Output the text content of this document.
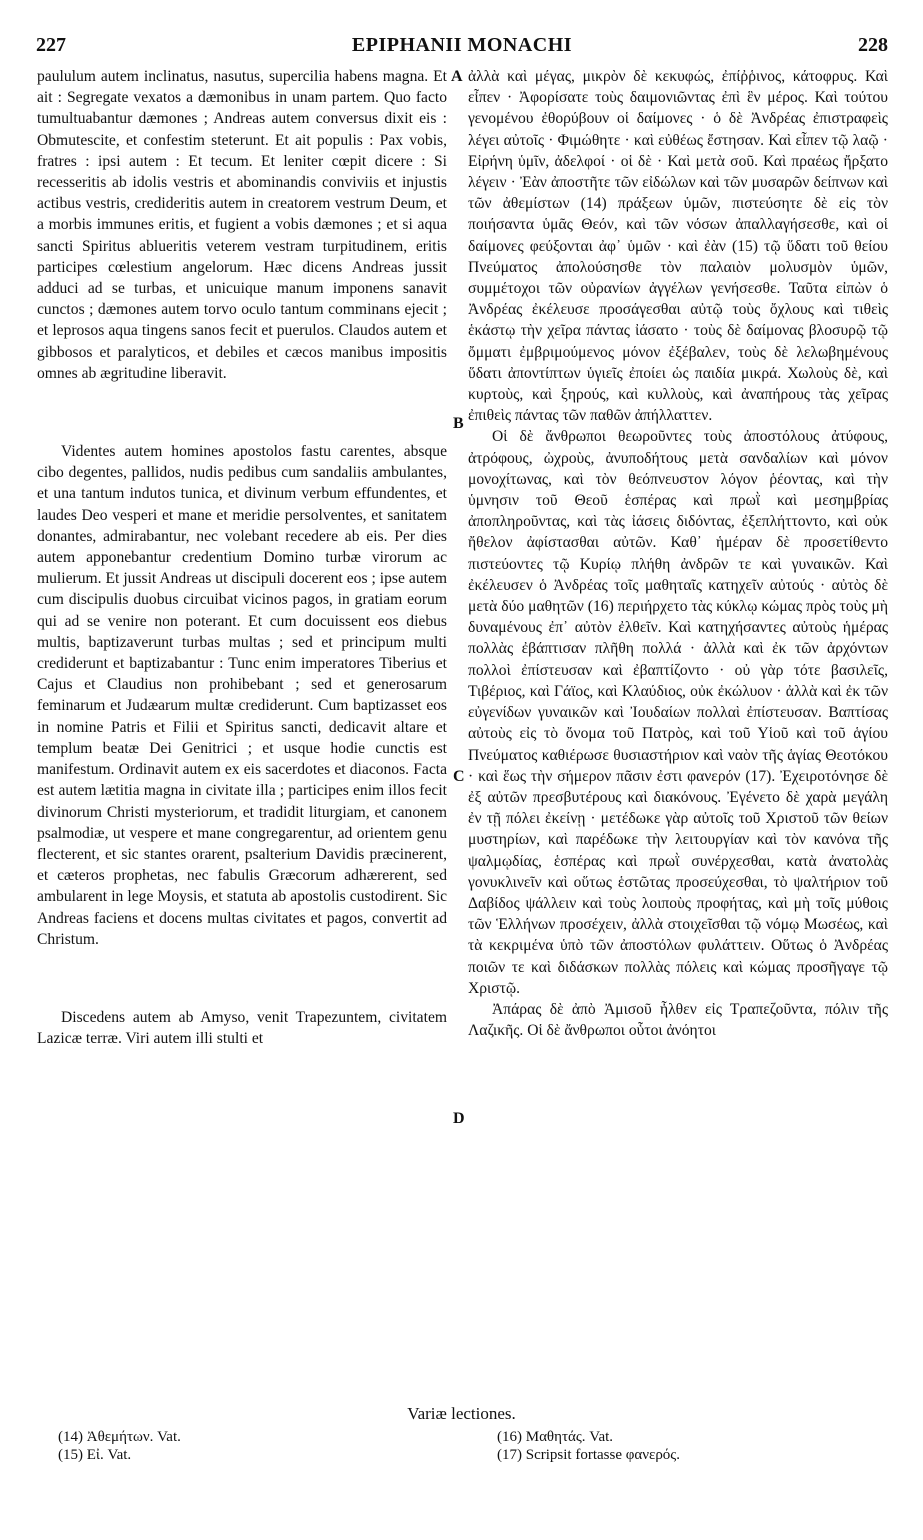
227	EPIPHANII MONACHI	228

paululum autem inclinatus, nasutus, supercilia habens magna. Et ait : Segregate vexatos a dæmonibus in unam partem. Quo facto tumultuabantur dæmones ; Andreas autem conversus dixit eis : Obmutescite, et confestim steterunt. Et ait populis : Pax vobis, fratres : ipsi autem : Et tecum. Et leniter cœpit dicere : Si recesseritis ab idolis vestris et abominandis conviviis et injustis actibus vestris, credideritis autem in creatorem vestrum Deum, et a morbis immunes eritis, et fugient a vobis dæmones ; et si aqua sancti Spiritus ablueritis veterem vestram turpitudinem, eritis participes cœlestium angelorum. Hæc dicens Andreas jussit adduci ad se turbas, et unicuique manum imponens sanavit cunctos ; dæmones autem torvo oculo tantum comminans ejecit ; et leprosos aqua tingens sanos fecit et puerulos. Claudos autem et gibbosos et paralyticos, et debiles et cæcos manibus impositis omnes ab ægritudine liberavit.

Videntes autem homines apostolos fastu carentes, absque cibo degentes, pallidos, nudis pedibus cum sandaliis ambulantes, et una tantum indutos tunica, et divinum verbum effundentes, et laudes Deo vesperi et mane et meridie persolventes, et sanitatem donantes, admirabantur, nec volebant recedere ab eis. Per dies autem apponebantur credentium Domino turbæ virorum ac mulierum. Et jussit Andreas ut discipuli docerent eos ; ipse autem cum discipulis duobus circuibat vicinos pagos, in gratiam eorum qui ad se venire non poterant. Et cum docuissent eos diebus multis, baptizaverunt turbas multas ; sed et principum multi crediderunt et baptizabantur : Tunc enim imperatores Tiberius et Cajus et Claudius non prohibebant ; sed et generosarum feminarum et Judæarum multæ crediderunt. Cum baptizasset eos in nomine Patris et Filii et Spiritus sancti, dedicavit altare et templum beatæ Dei Genitrici ; et usque hodie cunctis est manifestum. Ordinavit autem ex eis sacerdotes et diaconos. Facta est autem lætitia magna in civitate illa ; participes enim illos fecit divinorum Christi mysteriorum, et tradidit liturgiam, et canonem psalmodiæ, ut vespere et mane congregarentur, ad orientem genu flecterent, et sic stantes orarent, psalterium Davidis præcinerent, et cæteros prophetas, nec fabulis Græcorum adhærerent, sed ambularent in lege Moysis, et statuta ab apostolis custodirent. Sic Andreas faciens et docens multas civitates et pagos, convertit ad Christum.

Discedens autem ab Amyso, venit Trapezuntem, civitatem Lazicæ terræ. Viri autem illi stulti et

A
B
C
D

ἀλλὰ καὶ μέγας, μικρὸν δὲ κεκυφώς, ἐπίῤῥινος, κάτοφρυς. Καὶ εἶπεν · Ἀφορίσατε τοὺς δαιμονιῶντας ἐπὶ ἓν μέρος. Καὶ τούτου γενομένου ἐθορύβουν οἱ δαίμονες · ὁ δὲ Ἀνδρέας ἐπιστραφεὶς λέγει αὐτοῖς · Φιμώθητε · καὶ εὐθέως ἔστησαν. Καὶ εἶπεν τῷ λαῷ · Εἰρήνη ὑμῖν, ἀδελφοί · οἱ δὲ · Καὶ μετὰ σοῦ. Καὶ πραέως ἤρξατο λέγειν · Ἐὰν ἀποστῆτε τῶν εἰδώλων καὶ τῶν μυσαρῶν δείπνων καὶ τῶν ἀθεμίστων (14) πράξεων ὑμῶν, πιστεύσητε δὲ εἰς τὸν ποιήσαντα ὑμᾶς Θεόν, καὶ τῶν νόσων ἀπαλλαγήσεσθε, καὶ οἱ δαίμονες φεύξονται ἀφ᾽ ὑμῶν · καὶ ἐὰν (15) τῷ ὕδατι τοῦ θείου Πνεύματος ἀπολούσησθε τὸν παλαιὸν μολυσμὸν ὑμῶν, συμμέτοχοι τῶν οὐρανίων ἀγγέλων γενήσεσθε. Ταῦτα εἰπὼν ὁ Ἀνδρέας ἐκέλευσε προσάγεσθαι αὐτῷ τοὺς ὄχλους καὶ τιθεὶς ἑκάστῳ τὴν χεῖρα πάντας ἰάσατο · τοὺς δὲ δαίμονας βλοσυρῷ τῷ ὄμματι ἐμβριμούμενος μόνον ἐξέβαλεν, τοὺς δὲ λελωβημένους ὕδατι ἀποντίπτων ὑγιεῖς ἐποίει ὡς παιδία μικρά. Χωλοὺς δὲ, καὶ κυρτοὺς, καὶ ξηρούς, καὶ κυλλοὺς, καὶ ἀναπήρους τὰς χεῖρας ἐπιθεὶς πάντας τῶν παθῶν ἀπήλλαττεν.

Οἱ δὲ ἄνθρωποι θεωροῦντες τοὺς ἀποστόλους ἀτύφους, ἀτρόφους, ὠχροὺς, ἀνυποδήτους μετὰ σανδαλίων καὶ μόνον μονοχίτωνας, καὶ τὸν θεόπνευστον λόγον ῥέοντας, καὶ τὴν ὑμνησιν τοῦ Θεοῦ ἑσπέρας καὶ πρωῒ καὶ μεσημβρίας ἀποπληροῦντας, καὶ τὰς ἰάσεις διδόντας, ἐξεπλήττοντο, καὶ οὐκ ἤθελον ἀφίστασθαι αὐτῶν. Καθ᾽ ἡμέραν δὲ προσετίθεντο πιστεύοντες τῷ Κυρίῳ πλήθη ἀνδρῶν τε καὶ γυναικῶν. Καὶ ἐκέλευσεν ὁ Ἀνδρέας τοῖς μαθηταῖς κατηχεῖν αὐτούς · αὐτὸς δὲ μετὰ δύο μαθητῶν (16) περιήρχετο τὰς κύκλῳ κώμας πρὸς τοὺς μὴ δυναμένους ἐπ᾽ αὐτὸν ἐλθεῖν. Καὶ κατηχήσαντες αὐτοὺς ἡμέρας πολλὰς ἐβάπτισαν πλῆθη πολλά · ἀλλὰ καὶ ἐκ τῶν ἀρχόντων πολλοὶ ἐπίστευσαν καὶ ἐβαπτίζοντο · οὐ γὰρ τότε βασιλεῖς, Τιβέριος, καὶ Γάϊος, καὶ Κλαύδιος, οὐκ ἐκώλυον · ἀλλὰ καὶ ἐκ τῶν εὐγενίδων γυναικῶν καὶ Ἰουδαίων πολλαὶ ἐπίστευσαν. Βαπτίσας αὐτοὺς εἰς τὸ ὄνομα τοῦ Πατρὸς, καὶ τοῦ Υἱοῦ καὶ τοῦ ἁγίου Πνεύματος καθιέρωσε θυσιαστήριον καὶ ναὸν τῆς ἁγίας Θεοτόκου · καὶ ἕως τὴν σήμερον πᾶσιν ἐστι φανερόν (17). Ἐχειροτόνησε δὲ ἐξ αὐτῶν πρεσβυτέρους καὶ διακόνους. Ἐγένετο δὲ χαρὰ μεγάλη ἐν τῇ πόλει ἐκείνῃ · μετέδωκε γὰρ αὐτοῖς τοῦ Χριστοῦ τῶν θείων μυστηρίων, καὶ παρέδωκε τὴν λειτουργίαν καὶ τὸν κανόνα τῆς ψαλμῳδίας, ἑσπέρας καὶ πρωῒ συνέρχεσθαι, κατὰ ἀνατολὰς γονυκλινεῖν καὶ οὕτως ἑστῶτας προσεύχεσθαι, τὸ ψαλτήριον τοῦ Δαβίδος ψάλλειν καὶ τοὺς λοιποὺς προφήτας, καὶ μὴ τοῖς μύθοις τῶν Ἑλλήνων προσέχειν, ἀλλὰ στοιχεῖσθαι τῷ νόμῳ Μωσέως, καὶ τὰ κεκριμένα ὑπὸ τῶν ἀποστόλων φυλάττειν. Οὕτως ὁ Ἀνδρέας ποιῶν τε καὶ διδάσκων πολλὰς πόλεις καὶ κώμας προσῆγαγε τῷ Χριστῷ.

Ἀπάρας δὲ ἀπὸ Ἀμισοῦ ἦλθεν εἰς Τραπεζοῦντα, πόλιν τῆς Λαζικῆς. Οἱ δὲ ἄνθρωποι οὗτοι ἀνόητοι

Variæ lectiones.
(14) Ἀθεμήτων. Vat.
(15) Εἰ. Vat.
(16) Μαθητάς. Vat.
(17) Scripsit fortasse φανερός.
